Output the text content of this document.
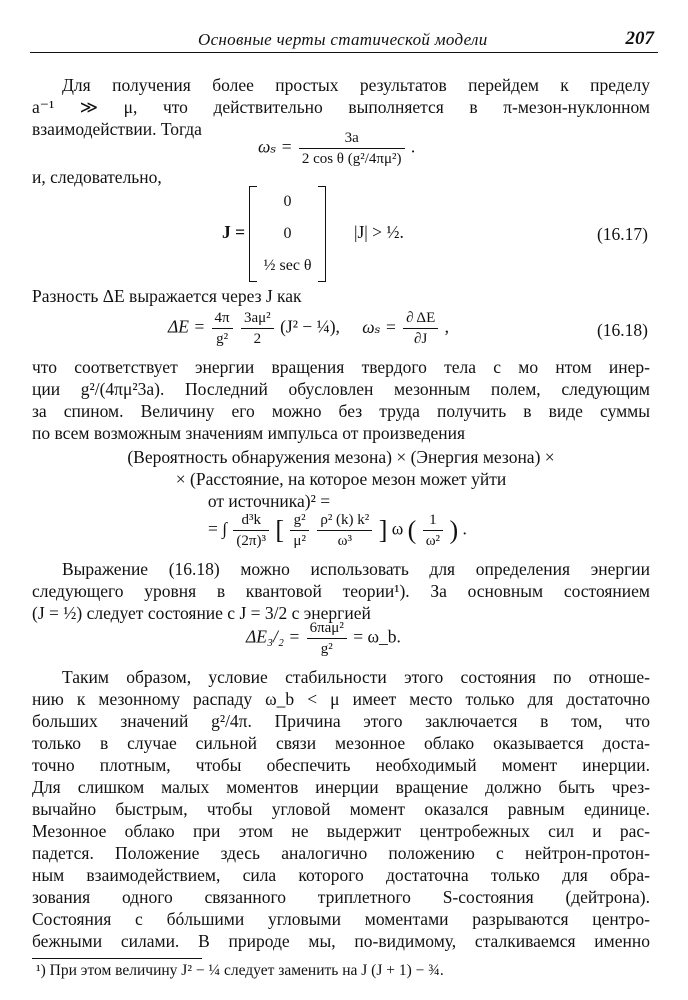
Основные черты статической модели	207
Для получения более простых результатов перейдем к пределу
a⁻¹ ≫ μ, что действительно выполняется в π-мезон-нуклонном
взаимодействии. Тогда
$\omega_s = \frac{3a}{\text{2 cos θ (g²/4πμ²)}}$ .
и, следовательно,
J =
0
0
½ sec θ
|J| > ½.	(16.17)
Разность ΔE выражается через J как
$\Delta E = \frac{4\pi}{\text{g²}}$
$\frac{\text{3aμ²}}{2} (J^2$ − ¼), $\omega_s = \frac{\partial \Delta E}{\partial J}$ ,	(16.18)
что соответствует энергии вращения твердого тела с мо нтом инер-
ции g²/(4πμ²3a). Последний обусловлен мезонным полем, следующим
за спином. Величину его можно без труда получить в виде суммы
по всем возможным значениям импульса от произведения
(Вероятность обнаружения мезона) × (Энергия мезона) ×
× (Расстояние, на которое мезон может уйти
от источника)² =
= ∫ $\frac{\text{d³k}}{\text{(2π)³}}$ [ $\frac{\text{g²}}{\text{μ²}}$
$\frac{\text{ρ² (k) k²}}{\text{ω³}}$ ] ω ( $\frac{1}{\text{ω²}}$ ) .
Выражение (16.18) можно использовать для определения энергии
следующего уровня в квантовой теории¹). За основным состоянием
(J = ½) следует состояние с J = 3/2 с энергией
$\Delta E_3/_2 = \frac{\text{6πaμ²}}{\text{g²}}$ = ω_b.
Таким образом, условие стабильности этого состояния по отноше-
нию к мезонному распаду ω_b < μ имеет место только для достаточно
больших значений g²/4π. Причина этого заключается в том, что
только в случае сильной связи мезонное облако оказывается доста-
точно плотным, чтобы обеспечить необходимый момент инерции.
Для слишком малых моментов инерции вращение должно быть чрез-
вычайно быстрым, чтобы угловой момент оказался равным единице.
Мезонное облако при этом не выдержит центробежных сил и рас-
падется. Положение здесь аналогично положению с нейтрон-протон-
ным взаимодействием, сила которого достаточна только для обра-
зования одного связанного триплетного S-состояния (дейтрона).
Состояния с бóльшими угловыми моментами разрываются центро-
бежными силами. В природе мы, по-видимому, сталкиваемся именно
¹) При этом величину J² − ¼ следует заменить на J (J + 1) − ¾.
